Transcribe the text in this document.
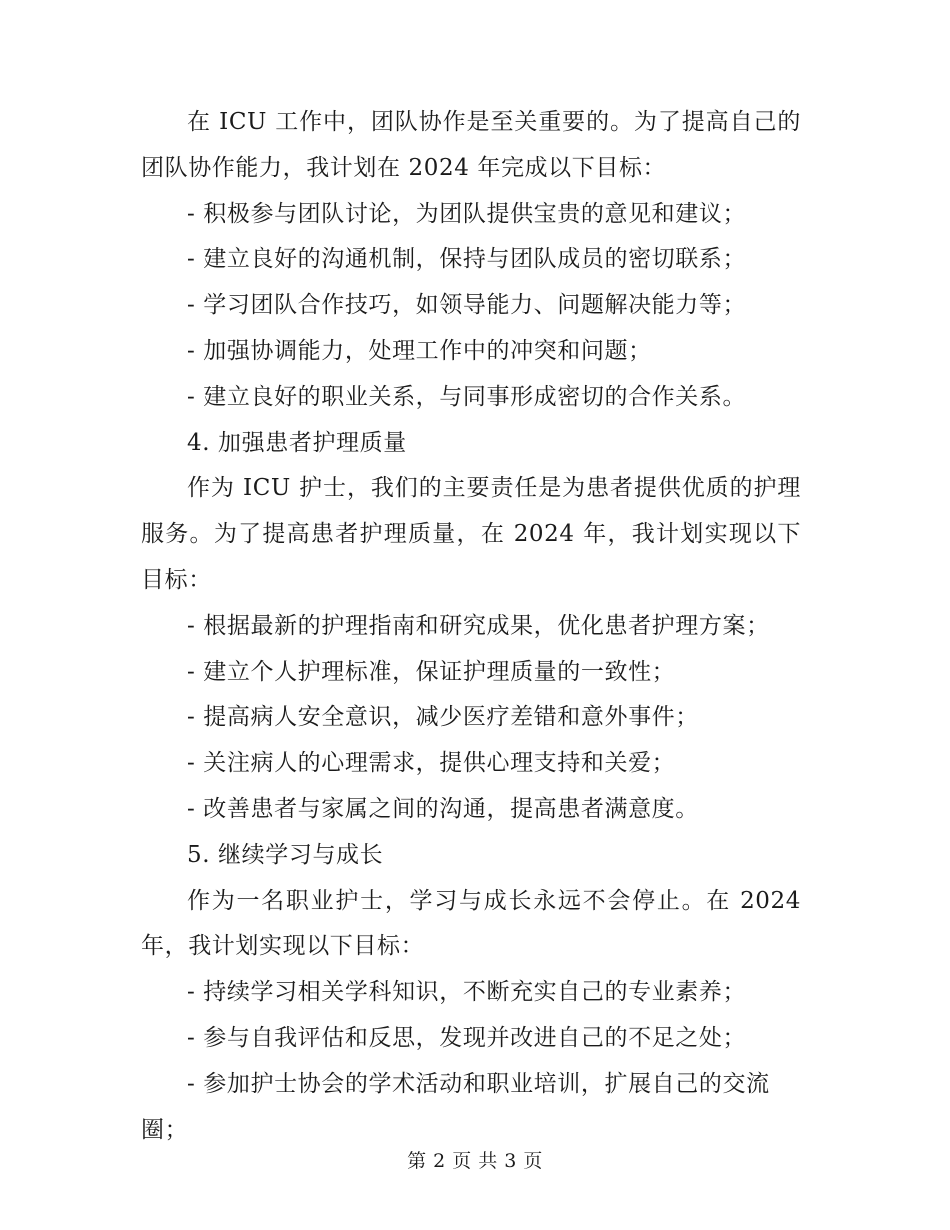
在 ICU 工作中，团队协作是至关重要的。为了提高自己的团队协作能力，我计划在 2024 年完成以下目标：

- 积极参与团队讨论，为团队提供宝贵的意见和建议；

- 建立良好的沟通机制，保持与团队成员的密切联系；

- 学习团队合作技巧，如领导能力、问题解决能力等；

- 加强协调能力，处理工作中的冲突和问题；

- 建立良好的职业关系，与同事形成密切的合作关系。

4. 加强患者护理质量

作为 ICU 护士，我们的主要责任是为患者提供优质的护理服务。为了提高患者护理质量，在 2024 年，我计划实现以下目标：

- 根据最新的护理指南和研究成果，优化患者护理方案；

- 建立个人护理标准，保证护理质量的一致性；

- 提高病人安全意识，减少医疗差错和意外事件；

- 关注病人的心理需求，提供心理支持和关爱；

- 改善患者与家属之间的沟通，提高患者满意度。

5. 继续学习与成长

作为一名职业护士，学习与成长永远不会停止。在 2024 年，我计划实现以下目标：

- 持续学习相关学科知识，不断充实自己的专业素养；

- 参与自我评估和反思，发现并改进自己的不足之处；

- 参加护士协会的学术活动和职业培训，扩展自己的交流圈；

第 2 页 共 3 页
